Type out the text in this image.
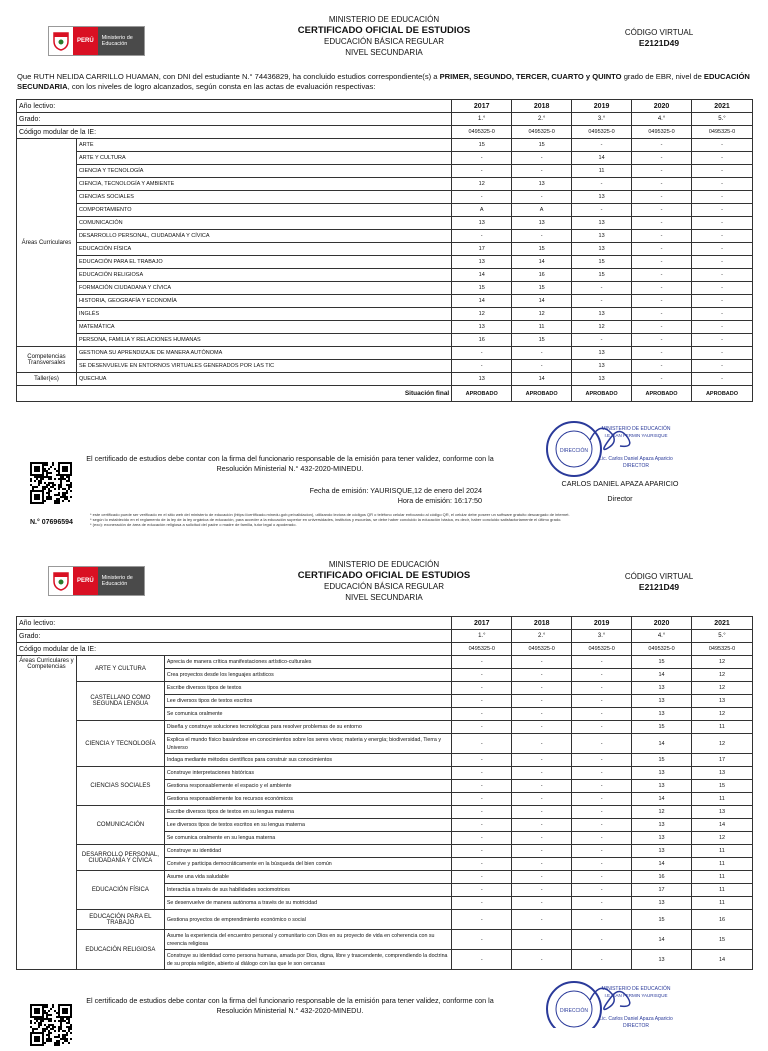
PERÚ	Ministerio de Educación
MINISTERIO DE EDUCACIÓN
CERTIFICADO OFICIAL DE ESTUDIOS
EDUCACIÓN BÁSICA REGULAR
NIVEL SECUNDARIA
CÓDIGO VIRTUAL
E2121D49
Que RUTH NELIDA CARRILLO HUAMAN, con DNI del estudiante N.° 74436829, ha concluido estudios correspondiente(s) a PRIMER, SEGUNDO, TERCER, CUARTO y QUINTO grado de EBR, nivel de EDUCACIÓN SECUNDARIA, con los niveles de logro alcanzados, según consta en las actas de evaluación respectivas:
Año lectivo:		2017	2018	2019	2020	2021
Grado:		1.°	2.°	3.°	4.°	5.°
Código modular de la IE:		0495325-0	0495325-0	0495325-0	0495325-0	0495325-0
Áreas Curriculares	ARTE	15	15	-	-	-
	ARTE Y CULTURA	-	-	14	-	-
	CIENCIA Y TECNOLOGÍA	-	-	11	-	-
	CIENCIA, TECNOLOGÍA Y AMBIENTE	12	13	-	-	-
	CIENCIAS SOCIALES	-	-	13	-	-
	COMPORTAMIENTO	A	A	-	-	-
	COMUNICACIÓN	13	13	13	-	-
	DESARROLLO PERSONAL, CIUDADANÍA Y CÍVICA	-	-	13	-	-
	EDUCACIÓN FÍSICA	17	15	13	-	-
	EDUCACIÓN PARA EL TRABAJO	13	14	15	-	-
	EDUCACIÓN RELIGIOSA	14	16	15	-	-
	FORMACIÓN CIUDADANA Y CÍVICA	15	15	-	-	-
	HISTORIA, GEOGRAFÍA Y ECONOMÍA	14	14	-	-	-
	INGLÉS	12	12	13	-	-
	MATEMÁTICA	13	11	12	-	-
	PERSONA, FAMILIA Y RELACIONES HUMANAS	16	15	-	-	-
Competencias Transversales	GESTIONA SU APRENDIZAJE DE MANERA AUTÓNOMA	-	-	13	-	-
	SE DESENVUELVE EN ENTORNOS VIRTUALES GENERADOS POR LAS TIC	-	-	13	-	-
Taller(es)	QUECHUA	13	14	13	-	-
Situación final		APROBADO	APROBADO	APROBADO	APROBADO	APROBADO
N.° 07696594
El certificado de estudios debe contar con la firma del funcionario responsable de la emisión para tener validez, conforme con la
Resolución Ministerial N.° 432-2020-MINEDU.
Fecha de emisión: YAURISQUE,12 de enero del 2024
Hora de emisión: 16:17:50
DIRECCIÓN
MINISTERIO DE EDUCACIÓN
I.E. SAN FERMIN YAURISQUE
Lic. Carlos Daniel Apaza Aparicio
DIRECTOR
CARLOS DANIEL APAZA APARICIO
Director
* este certificado puede ser verificado en el sitio web del ministerio de educación (https://certificado.minedu.gob.pe/validacion), utilizando lectora de códigos QR o teléfono celular enfocando al código QR, el celular debe poseer un software gratuito descargado de internet.
* según lo establecido en el reglamento de la ley de la ley orgánica de educación, para acceder a la educación superior en universidades, institutos y escuelas, se debe haber concluido la educación básica, es decir, haber concluido satisfactoriamente el último grado.
* (exo): exoneración de área de educación religiosa a solicitud del padre o madre de familia, tutor legal o apoderado.
PERÚ	Ministerio de Educación
MINISTERIO DE EDUCACIÓN
CERTIFICADO OFICIAL DE ESTUDIOS
EDUCACIÓN BÁSICA REGULAR
NIVEL SECUNDARIA
CÓDIGO VIRTUAL
E2121D49
Año lectivo:			2017	2018	2019	2020	2021
Grado:			1.°	2.°	3.°	4.°	5.°
Código modular de la IE:			0495325-0	0495325-0	0495325-0	0495325-0	0495325-0
Áreas Curriculares y Competencias	ARTE Y CULTURA	Aprecia de manera crítica manifestaciones artístico-culturales	-	-	-	15	12
		Crea proyectos desde los lenguajes artísticos	-	-	-	14	12
	CASTELLANO COMO SEGUNDA LENGUA	Escribe diversos tipos de textos	-	-	-	13	12
		Lee diversos tipos de textos escritos	-	-	-	13	13
		Se comunica oralmente	-	-	-	13	12
	CIENCIA Y TECNOLOGÍA	Diseña y construye soluciones tecnológicas para resolver problemas de su entorno	-	-	-	15	11
		Explica el mundo físico basándose en conocimientos sobre los seres vivos; materia y energía; biodiversidad, Tierra y Universo	-	-	-	14	12
		Indaga mediante métodos científicos para construir sus conocimientos	-	-	-	15	17
	CIENCIAS SOCIALES	Construye interpretaciones históricas	-	-	-	13	13
		Gestiona responsablemente el espacio y el ambiente	-	-	-	13	15
		Gestiona responsablemente los recursos económicos	-	-	-	14	11
	COMUNICACIÓN	Escribe diversos tipos de textos en su lengua materna	-	-	-	12	13
		Lee diversos tipos de textos escritos en su lengua materna	-	-	-	13	14
		Se comunica oralmente en su lengua materna	-	-	-	13	12
	DESARROLLO PERSONAL, CIUDADANÍA Y CÍVICA	Construye su identidad	-	-	-	13	11
		Convive y participa democráticamente en la búsqueda del bien común	-	-	-	14	11
	EDUCACIÓN FÍSICA	Asume una vida saludable	-	-	-	16	11
		Interactúa a través de sus habilidades sociomotrices	-	-	-	17	11
		Se desenvuelve de manera autónoma a través de su motricidad	-	-	-	13	11
	EDUCACIÓN PARA EL TRABAJO	Gestiona proyectos de emprendimiento económico o social	-	-	-	15	16
	EDUCACIÓN RELIGIOSA	Asume la experiencia del encuentro personal y comunitario con Dios en su proyecto de vida en coherencia con su creencia religiosa	-	-	-	14	15
		Construye su identidad como persona humana, amada por Dios, digna, libre y trascendente, comprendiendo la doctrina de su propia religión, abierto al diálogo con las que le son cercanas	-	-	-	13	14
El certificado de estudios debe contar con la firma del funcionario responsable de la emisión para tener validez, conforme con la
Resolución Ministerial N.° 432-2020-MINEDU.	DIRECCIÓN
MINISTERIO DE EDUCACIÓN
I.E. SAN FERMIN YAURISQUE
Lic. Carlos Daniel Apaza Aparicio
DIRECTOR
